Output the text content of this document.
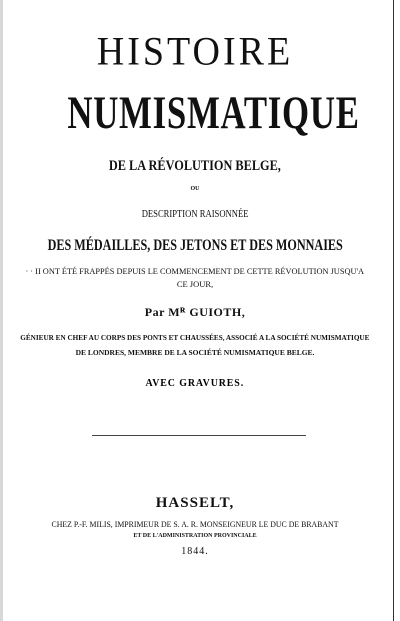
HISTOIRE
NUMISMATIQUE
DE LA RÉVOLUTION BELGE,
OU
DESCRIPTION RAISONNÉE
DES MÉDAILLES, DES JETONS ET DES MONNAIES
· · II ONT ÉTÉ FRAPPÉS DEPUIS LE COMMENCEMENT DE CETTE RÉVOLUTION JUSQU'A
CE JOUR,
Par Mᴿ GUIOTH,
GÉNIEUR EN CHEF AU CORPS DES PONTS ET CHAUSSÉES, ASSOCIÉ A LA SOCIÉTÉ NUMISMATIQUE
DE LONDRES, MEMBRE DE LA SOCIÉTÉ NUMISMATIQUE BELGE.
AVEC GRAVURES.
HASSELT,
CHEZ P.-F. MILIS, IMPRIMEUR DE S. A. R. MONSEIGNEUR LE DUC DE BRABANT
ET DE L'ADMINISTRATION PROVINCIALE
1844.
